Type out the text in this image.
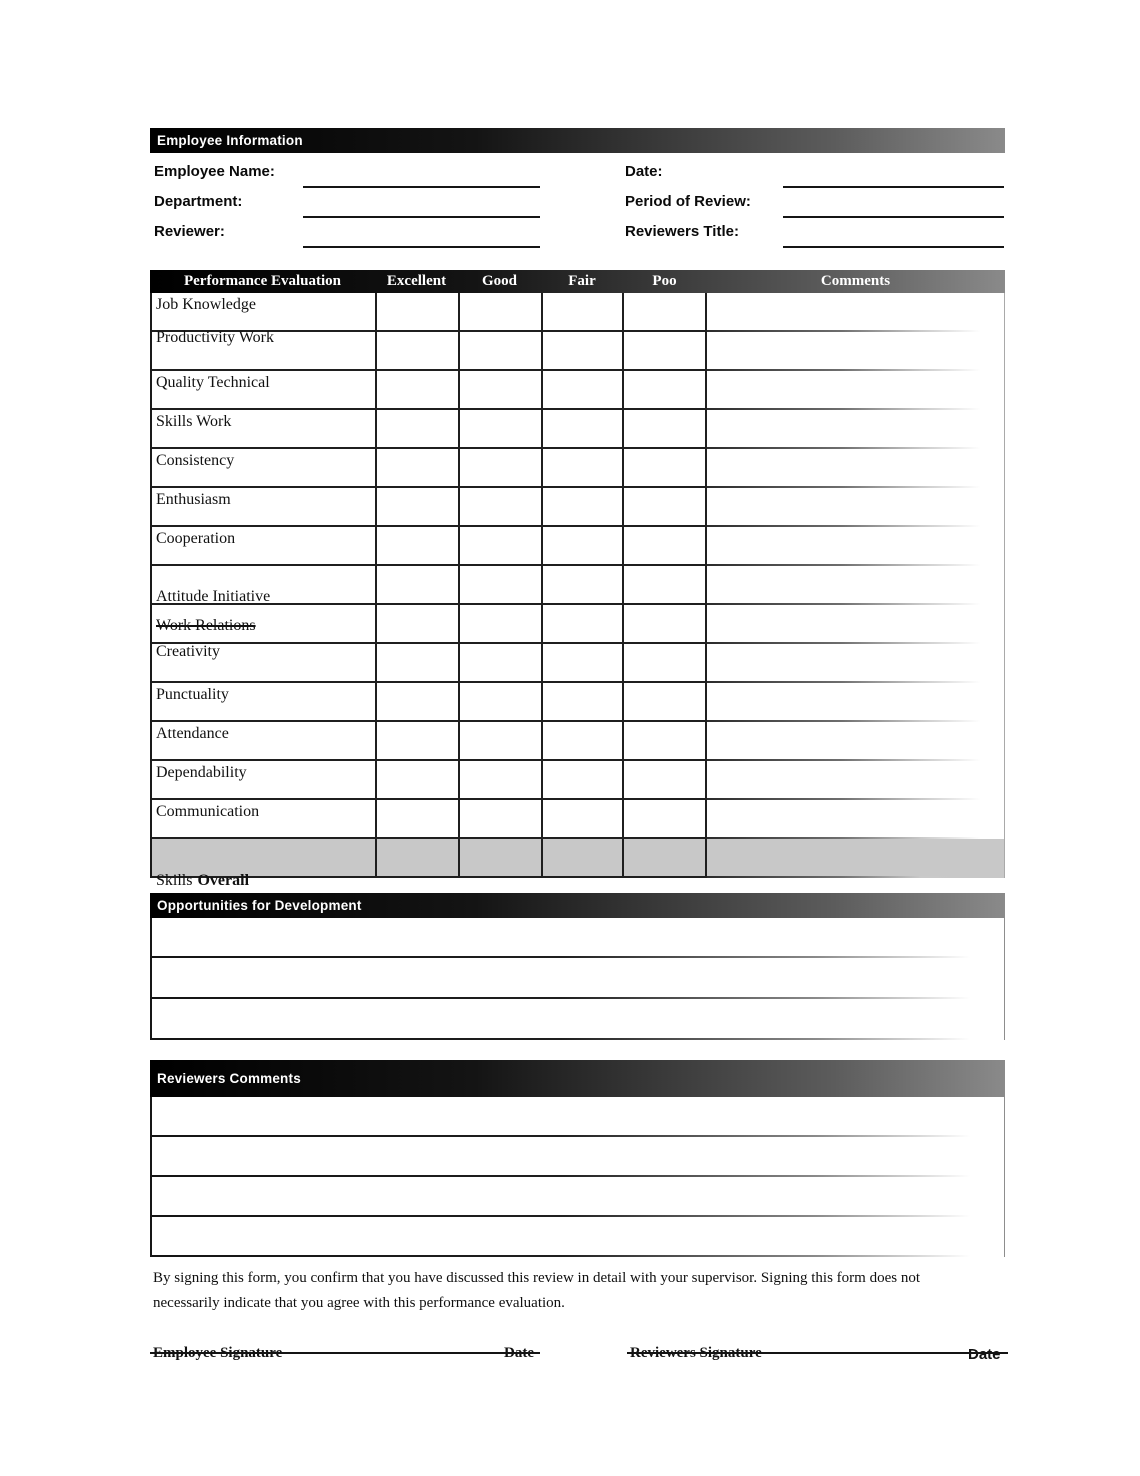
Employee Information
Employee Name:
Department:
Reviewer:
Date:
Period of Review:
Reviewers Title:
Performance Evaluation	Excellent	Good	Fair	Poo	Comments
Job Knowledge
Productivity Work
Quality Technical
Skills Work
Consistency
Enthusiasm
Cooperation
Attitude Initiative
Work Relations
Creativity
Punctuality
Attendance
Dependability
Communication
Skills Overall
Opportunities for Development
Reviewers Comments
By signing this form, you confirm that you have discussed this review in detail with your supervisor. Signing this form does not necessarily indicate that you agree with this performance evaluation.
Employee Signature	Date	Reviewers Signature	Date
